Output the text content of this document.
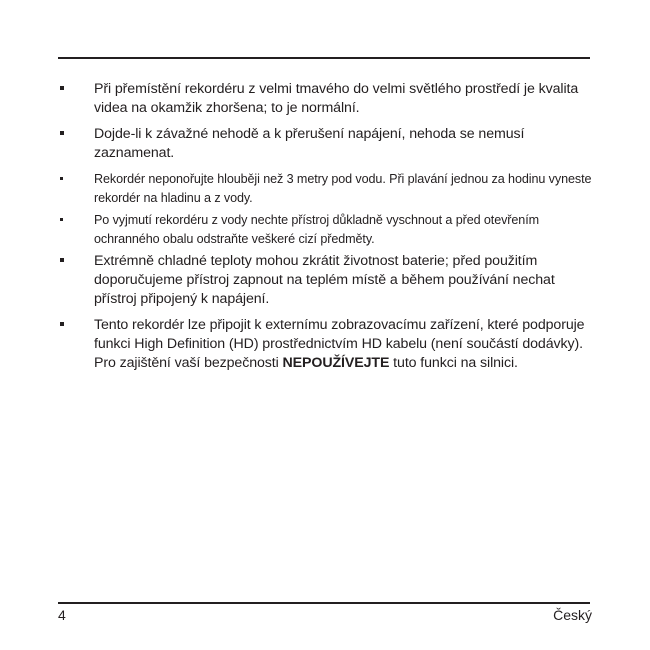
Při přemístění rekordéru z velmi tmavého do velmi světlého prostředí je kvalita videa na okamžik zhoršena; to je normální.
Dojde-li k závažné nehodě a k přerušení napájení, nehoda se nemusí zaznamenat.
Rekordér neponořujte hlouběji než 3 metry pod vodu. Při plavání jednou za hodinu vyneste rekordér na hladinu a z vody.
Po vyjmutí rekordéru z vody nechte přístroj důkladně vyschnout a před otevřením ochranného obalu odstraňte veškeré cizí předměty.
Extrémně chladné teploty mohou zkrátit životnost baterie; před použitím doporučujeme přístroj zapnout na teplém místě a během používání nechat přístroj připojený k napájení.
Tento rekordér lze připojit k externímu zobrazovacímu zařízení, které podporuje funkci High Definition (HD) prostřednictvím HD kabelu (není součástí dodávky). Pro zajištění vaší bezpečnosti NEPOUŽÍVEJTE tuto funkci na silnici.
4	Český
